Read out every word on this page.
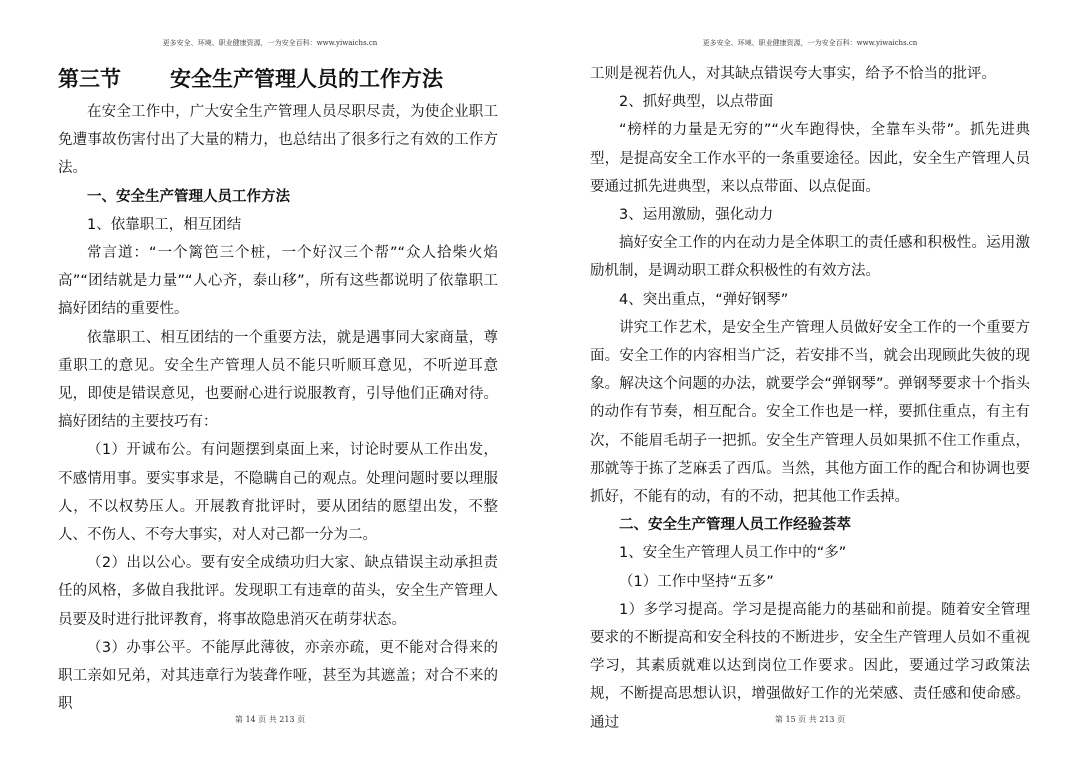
更多安全、环境、职业健康资源，一为安全百科：www.yiwaichs.cn
第三节 安全生产管理人员的工作方法
在安全工作中，广大安全生产管理人员尽职尽责，为使企业职工免遭事故伤害付出了大量的精力，也总结出了很多行之有效的工作方法。
一、安全生产管理人员工作方法
1、依靠职工，相互团结
常言道：“一个篱笆三个桩，一个好汉三个帮”“众人拾柴火焰高”“团结就是力量”“人心齐，泰山移”，所有这些都说明了依靠职工搞好团结的重要性。
依靠职工、相互团结的一个重要方法，就是遇事同大家商量，尊重职工的意见。安全生产管理人员不能只听顺耳意见，不听逆耳意见，即使是错误意见，也要耐心进行说服教育，引导他们正确对待。搞好团结的主要技巧有：
（1）开诚布公。有问题摆到桌面上来，讨论时要从工作出发，不感情用事。要实事求是，不隐瞒自己的观点。处理问题时要以理服人，不以权势压人。开展教育批评时，要从团结的愿望出发，不整人、不伤人、不夸大事实，对人对己都一分为二。
（2）出以公心。要有安全成绩功归大家、缺点错误主动承担责任的风格，多做自我批评。发现职工有违章的苗头，安全生产管理人员要及时进行批评教育，将事故隐患消灭在萌芽状态。
（3）办事公平。不能厚此薄彼，亦亲亦疏，更不能对合得来的职工亲如兄弟，对其违章行为装聋作哑，甚至为其遮盖；对合不来的职
第 14 页 共 213 页
更多安全、环境、职业健康资源，一为安全百科：www.yiwaichs.cn
工则是视若仇人，对其缺点错误夸大事实，给予不恰当的批评。
2、抓好典型，以点带面
“榜样的力量是无穷的”“火车跑得快，全靠车头带”。抓先进典型，是提高安全工作水平的一条重要途径。因此，安全生产管理人员要通过抓先进典型，来以点带面、以点促面。
3、运用激励，强化动力
搞好安全工作的内在动力是全体职工的责任感和积极性。运用激励机制，是调动职工群众积极性的有效方法。
4、突出重点，“弹好钢琴”
讲究工作艺术，是安全生产管理人员做好安全工作的一个重要方面。安全工作的内容相当广泛，若安排不当，就会出现顾此失彼的现象。解决这个问题的办法，就要学会“弹钢琴”。弹钢琴要求十个指头的动作有节奏，相互配合。安全工作也是一样，要抓住重点，有主有次，不能眉毛胡子一把抓。安全生产管理人员如果抓不住工作重点，那就等于拣了芝麻丢了西瓜。当然，其他方面工作的配合和协调也要抓好，不能有的动，有的不动，把其他工作丢掉。
二、安全生产管理人员工作经验荟萃
1、安全生产管理人员工作中的“多”
（1）工作中坚持“五多”
1）多学习提高。学习是提高能力的基础和前提。随着安全管理要求的不断提高和安全科技的不断进步，安全生产管理人员如不重视学习，其素质就难以达到岗位工作要求。因此，要通过学习政策法规，不断提高思想认识，增强做好工作的光荣感、责任感和使命感。通过	第 15 页 共 213 页
